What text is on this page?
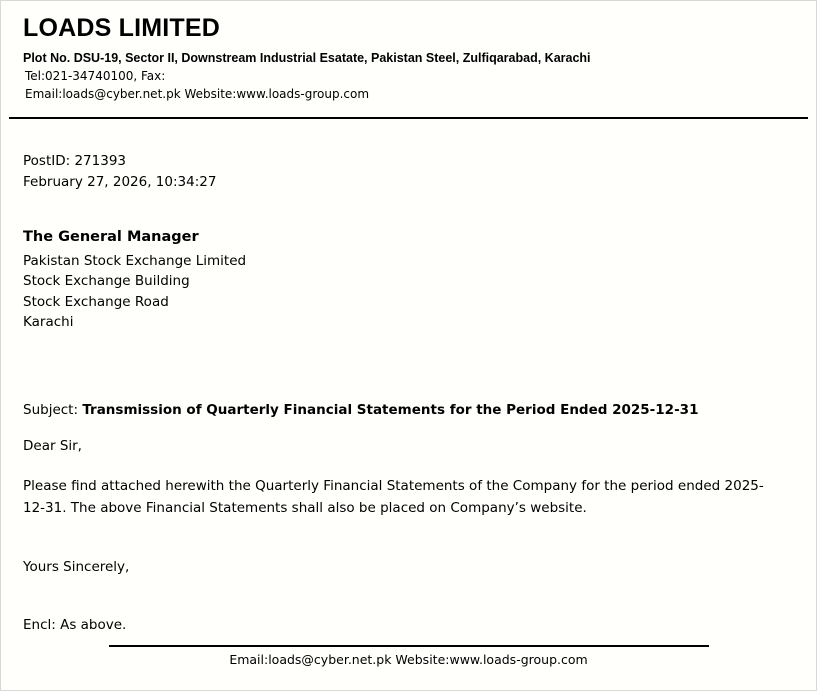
LOADS LIMITED

Plot No. DSU-19, Sector II, Downstream Industrial Esatate, Pakistan Steel, Zulfiqarabad, Karachi

Tel:021-34740100, Fax:

Email:loads@cyber.net.pk Website:www.loads-group.com

PostID: 271393
February 27, 2026, 10:34:27
The General Manager
Pakistan Stock Exchange Limited
Stock Exchange Building
Stock Exchange Road
Karachi
Subject: Transmission of Quarterly Financial Statements for the Period Ended 2025-12-31
Dear Sir,
Please find attached herewith the Quarterly Financial Statements of the Company for the period ended 2025-12-31. The above Financial Statements shall also be placed on Company’s website.
Yours Sincerely,
Encl: As above.
Email:loads@cyber.net.pk Website:www.loads-group.com
